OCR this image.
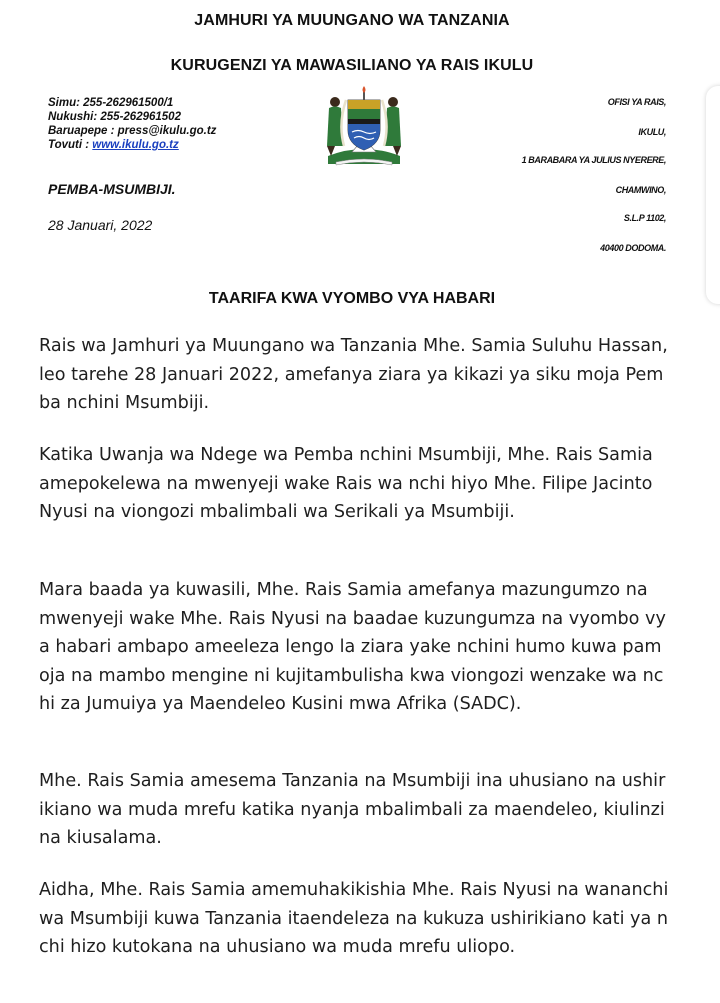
JAMHURI YA MUUNGANO WA TANZANIA
KURUGENZI YA MAWASILIANO YA RAIS IKULU
Simu: 255-262961500/1
Nukushi: 255-262961502
Baruapepe : press@ikulu.go.tz
Tovuti : www.ikulu.go.tz
OFISI YA RAIS,
IKULU,
1 BARABARA YA JULIUS NYERERE,
CHAMWINO,
S.L.P 1102,
40400 DODOMA.
PEMBA-MSUMBIJI.
28 Januari, 2022
TAARIFA KWA VYOMBO VYA HABARI

Rais wa Jamhuri ya Muungano wa Tanzania Mhe. Samia Suluhu Hassan, leo tarehe 28 Januari 2022, amefanya ziara ya kikazi ya siku moja Pemba nchini Msumbiji.

Katika Uwanja wa Ndege wa Pemba nchini Msumbiji, Mhe. Rais Samia amepokelewa na mwenyeji wake Rais wa nchi hiyo Mhe. Filipe Jacinto Nyusi na viongozi mbalimbali wa Serikali ya Msumbiji.

Mara baada ya kuwasili, Mhe. Rais Samia amefanya mazungumzo na mwenyeji wake Mhe. Rais Nyusi na baadae kuzungumza na vyombo vya habari ambapo ameeleza lengo la ziara yake nchini humo kuwa pamoja na mambo mengine ni kujitambulisha kwa viongozi wenzake wa nchi za Jumuiya ya Maendeleo Kusini mwa Afrika (SADC).

Mhe. Rais Samia amesema Tanzania na Msumbiji ina uhusiano na ushirikiano wa muda mrefu katika nyanja mbalimbali za maendeleo, kiulinzi na kiusalama.

Aidha, Mhe. Rais Samia amemuhakikishia Mhe. Rais Nyusi na wananchi wa Msumbiji kuwa Tanzania itaendeleza na kukuza ushirikiano kati ya nchi hizo kutokana na uhusiano wa muda mrefu uliopo.
